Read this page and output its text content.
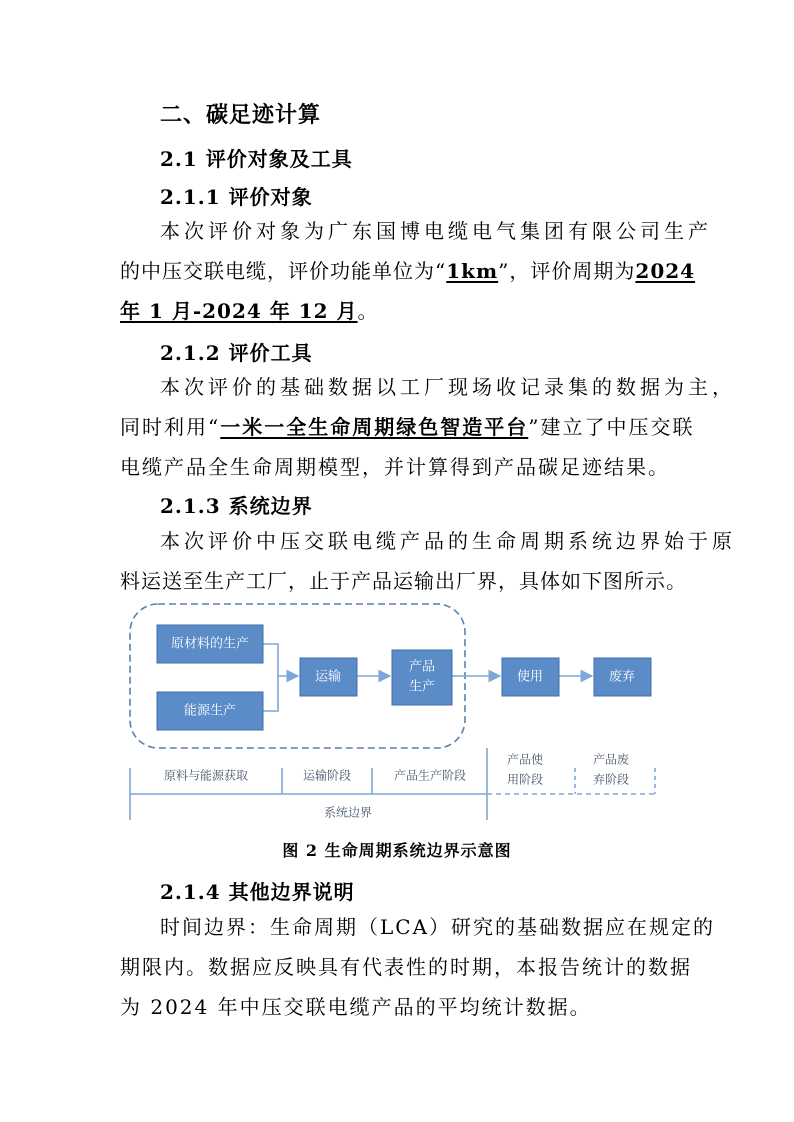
二、碳足迹计算
2.1 评价对象及工具
2.1.1 评价对象
本次评价对象为广东国博电缆电气集团有限公司生产
的中压交联电缆，评价功能单位为“1km”，评价周期为2024
年 1 月-2024 年 12 月。
2.1.2 评价工具
本次评价的基础数据以工厂现场收记录集的数据为主，
同时利用“一米一全生命周期绿色智造平台”建立了中压交联
电缆产品全生命周期模型，并计算得到产品碳足迹结果。
2.1.3 系统边界
本次评价中压交联电缆产品的生命周期系统边界始于原
料运送至生产工厂，止于产品运输出厂界，具体如下图所示。
原材料的生产
能源生产
运输
产品
生产
使用	废弃
原料与能源获取	运输阶段	产品生产阶段
产品使
用阶段
产品废
弃阶段
系统边界
图 2 生命周期系统边界示意图
2.1.4 其他边界说明
时间边界：生命周期（LCA）研究的基础数据应在规定的
期限内。数据应反映具有代表性的时期，本报告统计的数据
为 2024 年中压交联电缆产品的平均统计数据。
